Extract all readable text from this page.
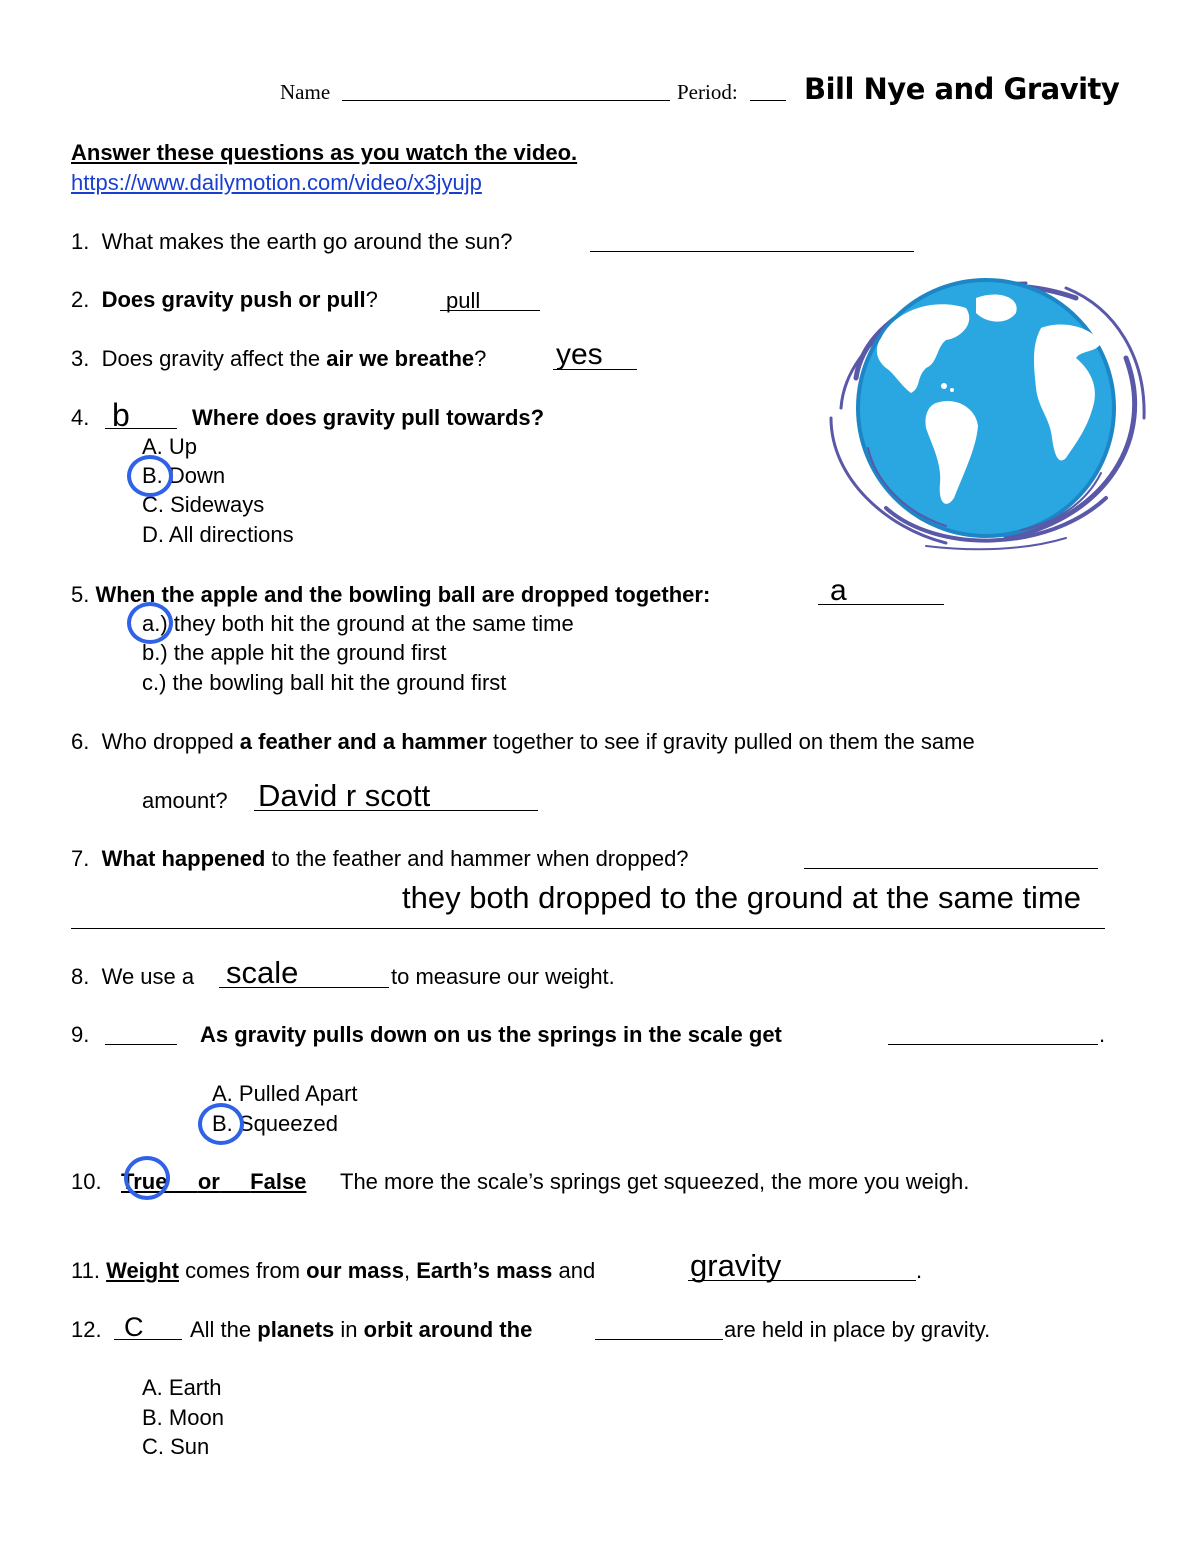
Name	Period: Bill Nye and Gravity
Answer these questions as you watch the video.
https://www.dailymotion.com/video/x3jyujp
1. What makes the earth go around the sun?
2. Does gravity push or pull?	pull
3. Does gravity affect the air we breathe? yes
4. b	Where does gravity pull towards?
A. Up
B. Down
C. Sideways
D. All directions
5. When the apple and the bowling ball are dropped together:	a
a.) they both hit the ground at the same time
b.) the apple hit the ground first
c.) the bowling ball hit the ground first
6. Who dropped a feather and a hammer together to see if gravity pulled on them the same
amount? David r scott
7. What happened to the feather and hammer when dropped?
they both dropped to the ground at the same time
8. We use a scale	to measure our weight.
9.	As gravity pulls down on us the springs in the scale get	.
A. Pulled Apart
B. Squeezed
10. True or False The more the scale’s springs get squeezed, the more you weigh.
11. Weight comes from our mass, Earth’s mass and	gravity	.
12. C All the planets in orbit around the	are held in place by gravity.
A. Earth
B. Moon
C. Sun
